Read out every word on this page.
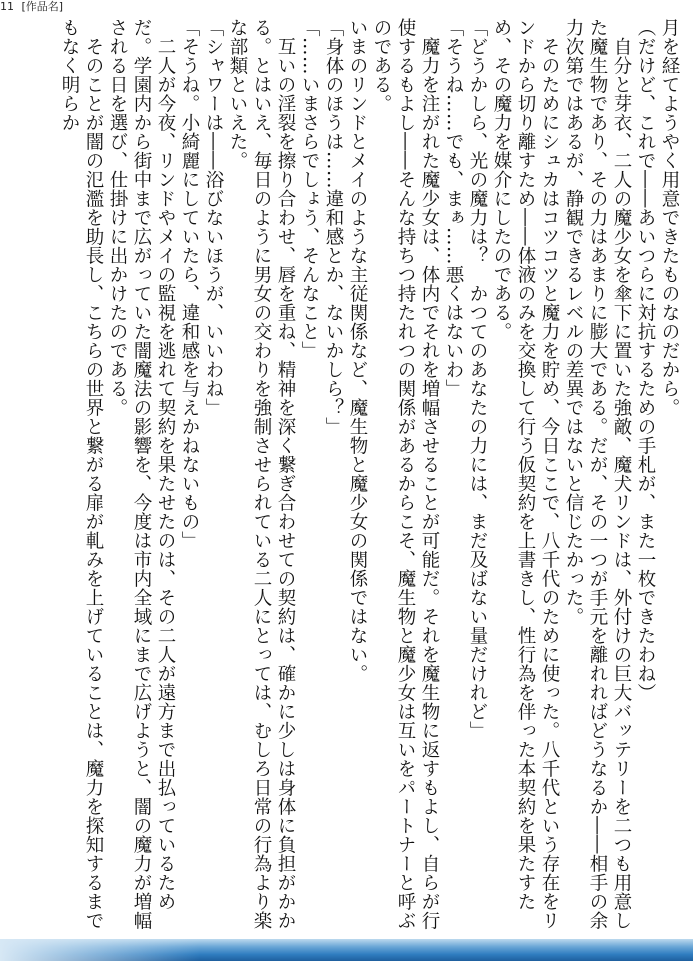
11 [作品名]

月を経てようやく用意できたものなのだから。

（だけど、これで――あいつらに対抗するための手札が、また一枚できたわね）

自分と芽衣、二人の魔少女を傘下に置いた強敵、魔犬リンドは、外付けの巨大バッテリーを二つも用意した魔生物であり、その力はあまりに膨大である。だが、その一つが手元を離れればどうなるか――相手の余力次第ではあるが、静観できるレベルの差異ではないと信じたかった。

そのためにシュカはコツコツと魔力を貯め、今日ここで、八千代のために使った。八千代という存在をリンドから切り離すため――体液のみを交換して行う仮契約を上書きし、性行為を伴った本契約を果たすため、その魔力を媒介にしたのである。

「どうかしら、光の魔力は？　かつてのあなたの力には、まだ及ばない量だけれど」

「そうね……でも、まぁ……悪くはないわ」

魔力を注がれた魔少女は、体内でそれを増幅させることが可能だ。それを魔生物に返すもよし、自らが行使するもよし――そんな持ちつ持たれつの関係があるからこそ、魔生物と魔少女は互いをパートナーと呼ぶのである。

いまのリンドとメイのような主従関係など、魔生物と魔少女の関係ではない。

「身体のほうは……違和感とか、ないかしら？」

「……いまさらでしょう、そんなこと」

互いの淫裂を擦り合わせ、唇を重ね、精神を深く繋ぎ合わせての契約は、確かに少しは身体に負担がかかる。とはいえ、毎日のように男女の交わりを強制させられている二人にとっては、むしろ日常の行為より楽な部類といえた。

「シャワーは――浴びないほうが、いいわね」

「そうね。小綺麗にしていたら、違和感を与えかねないもの」

二人が今夜、リンドやメイの監視を逃れて契約を果たせたのは、その二人が遠方まで出払っているためだ。学園内から街中まで広がっていた闇魔法の影響を、今度は市内全域にまで広げようと、闇の魔力が増幅される日を選び、仕掛けに出かけたのである。

そのことが闇の氾濫を助長し、こちらの世界と繋がる扉が軋みを上げていることは、魔力を探知するまでもなく明らか
